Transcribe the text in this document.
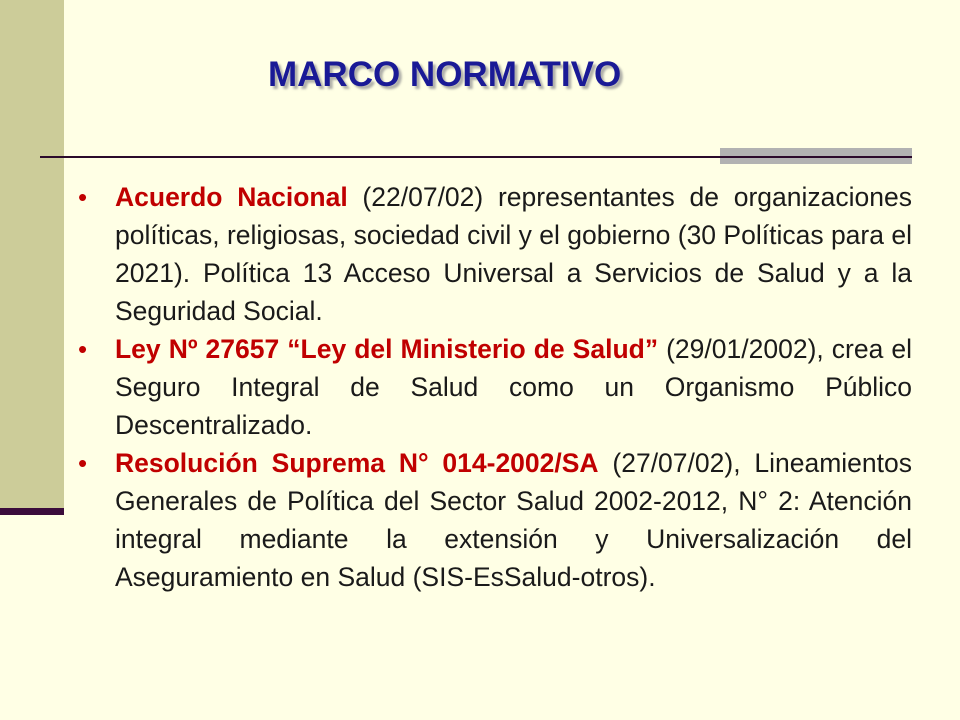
MARCO NORMATIVO
• Acuerdo Nacional (22/07/02) representantes de organizaciones políticas, religiosas, sociedad civil y el gobierno (30 Políticas para el 2021). Política 13 Acceso Universal a Servicios de Salud y a la Seguridad Social.
• Ley Nº 27657 “Ley del Ministerio de Salud” (29/01/2002), crea el Seguro Integral de Salud como un Organismo Público Descentralizado.
• Resolución Suprema N° 014-2002/SA (27/07/02), Lineamientos Generales de Política del Sector Salud 2002-2012, N° 2: Atención integral mediante la extensión y Universalización del Aseguramiento en Salud (SIS-EsSalud-otros).
